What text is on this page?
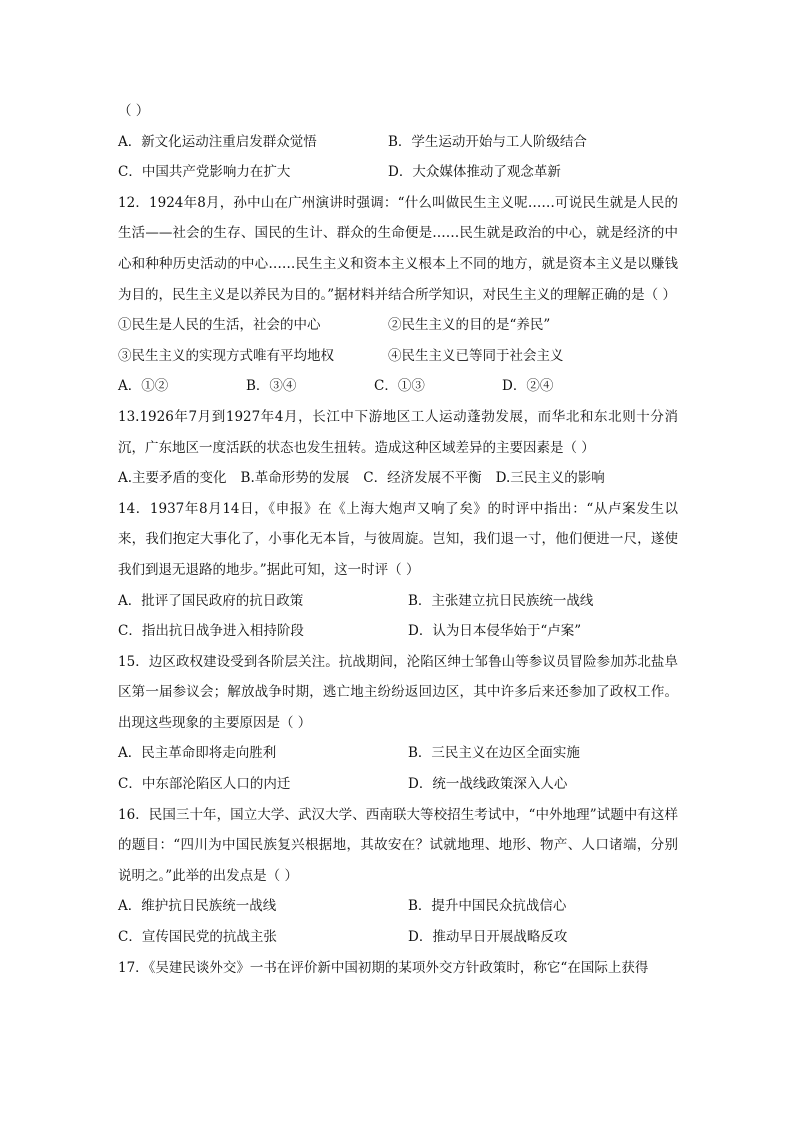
（ ）
A．新文化运动注重启发群众觉悟	B．学生运动开始与工人阶级结合
C．中国共产党影响力在扩大	D．大众媒体推动了观念革新
12．1924年8月，孙中山在广州演讲时强调：“什么叫做民生主义呢……可说民生就是人民的生活——社会的生存、国民的生计、群众的生命便是……民生就是政治的中心，就是经济的中心和种种历史活动的中心……民生主义和资本主义根本上不同的地方，就是资本主义是以赚钱为目的，民生主义是以养民为目的。”据材料并结合所学知识，对民生主义的理解正确的是（ ）
①民生是人民的生活，社会的中心	②民生主义的目的是“养民”
③民生主义的实现方式唯有平均地权	④民生主义已等同于社会主义
A．①②	B．③④	C．①③	D．②④
13.1926年7月到1927年4月，长江中下游地区工人运动蓬勃发展，而华北和东北则十分消沉，广东地区一度活跃的状态也发生扭转。造成这种区域差异的主要因素是（ ）
A.主要矛盾的变化 B.革命形势的发展 C．经济发展不平衡 D.三民主义的影响
14．1937年8月14日，《申报》在《上海大炮声又响了矣》的时评中指出：“从卢案发生以来，我们抱定大事化了，小事化无本旨，与彼周旋。岂知，我们退一寸，他们便进一尺，遂使我们到退无退路的地步。”据此可知，这一时评（ ）
A．批评了国民政府的抗日政策	B．主张建立抗日民族统一战线
C．指出抗日战争进入相持阶段	D．认为日本侵华始于“卢案”
15．边区政权建设受到各阶层关注。抗战期间，沦陷区绅士邹鲁山等参议员冒险参加苏北盐阜区第一届参议会；解放战争时期，逃亡地主纷纷返回边区，其中许多后来还参加了政权工作。出现这些现象的主要原因是（ ）
A．民主革命即将走向胜利	B．三民主义在边区全面实施
C．中东部沦陷区人口的内迁	D．统一战线政策深入人心
16．民国三十年，国立大学、武汉大学、西南联大等校招生考试中，“中外地理”试题中有这样的题目：“四川为中国民族复兴根据地，其故安在？试就地理、地形、物产、人口诸端，分别说明之。”此举的出发点是（ ）
A．维护抗日民族统一战线	B．提升中国民众抗战信心
C．宣传国民党的抗战主张	D．推动早日开展战略反攻
17．《吴建民谈外交》一书在评价新中国初期的某项外交方针政策时，称它“在国际上获得
